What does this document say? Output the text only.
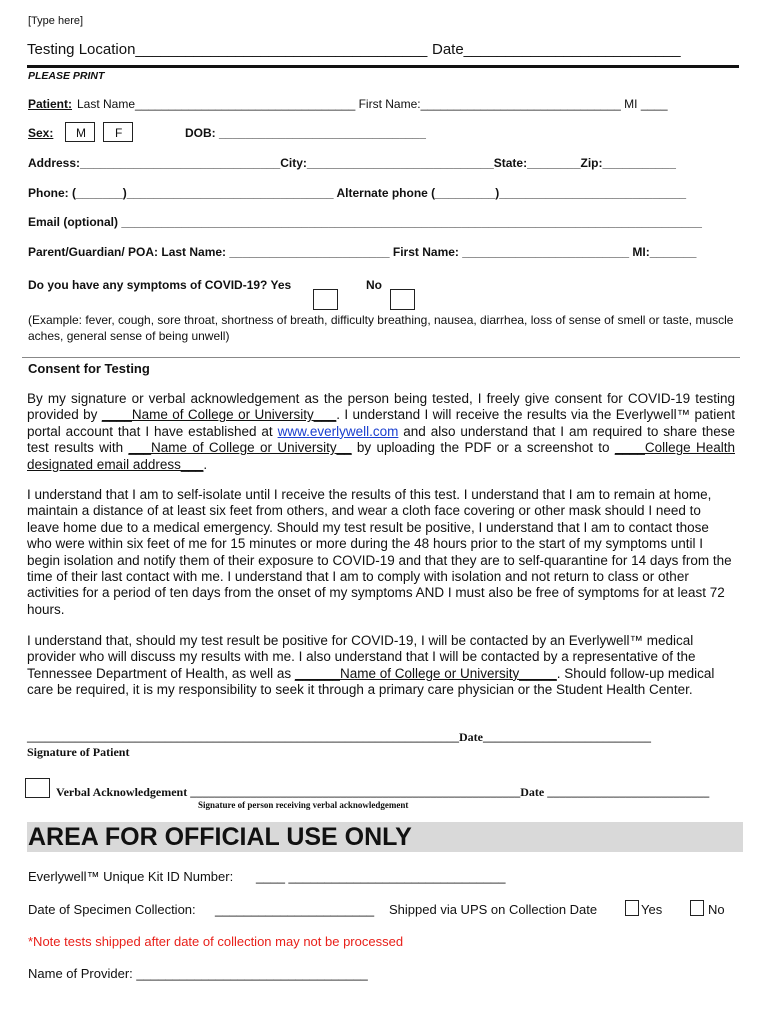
[Type here]
Testing Location___________________________________ Date__________________________
PLEASE PRINT
Patient: Last Name_________________________________ First Name:______________________________ MI ____
Sex: M F	DOB: _______________________________
Address:______________________________City:____________________________State:________Zip:___________
Phone: (_______)_______________________________ Alternate phone (_________)____________________________
Email (optional) _______________________________________________________________________________________
Parent/Guardian/ POA: Last Name: ________________________ First Name: _________________________ MI:_______
Do you have any symptoms of COVID-19? Yes	No
(Example: fever, cough, sore throat, shortness of breath, difficulty breathing, nausea, diarrhea, loss of sense of smell or taste, muscle aches, general sense of being unwell)
Consent for Testing
By my signature or verbal acknowledgement as the person being tested, I freely give consent for COVID-19 testing provided by ____Name of College or University___. I understand I will receive the results via the Everlywell™ patient portal account that I have established at www.everlywell.com and also understand that I am required to share these test results with ___Name of College or University__ by uploading the PDF or a screenshot to ____College Health designated email address___.
I understand that I am to self-isolate until I receive the results of this test. I understand that I am to remain at home, maintain a distance of at least six feet from others, and wear a cloth face covering or other mask should I need to leave home due to a medical emergency. Should my test result be positive, I understand that I am to contact those who were within six feet of me for 15 minutes or more during the 48 hours prior to the start of my symptoms until I begin isolation and notify them of their exposure to COVID-19 and that they are to self-quarantine for 14 days from the time of their last contact with me. I understand that I am to comply with isolation and not return to class or other activities for a period of ten days from the onset of my symptoms AND I must also be free of symptoms for at least 72 hours.
I understand that, should my test result be positive for COVID-19, I will be contacted by an Everlywell™ medical provider who will discuss my results with me. I also understand that I will be contacted by a representative of the Tennessee Department of Health, as well as ______Name of College or University_____. Should follow-up medical care be required, it is my responsibility to seek it through a primary care physician or the Student Health Center.
________________________________________________________________________Date____________________________
Signature of Patient
Verbal Acknowledgement _______________________________________________________Date ___________________________
Signature of person receiving verbal acknowledgement
AREA FOR OFFICIAL USE ONLY
Everlywell™ Unique Kit ID Number: ____ ______________________________
Date of Specimen Collection: ______________________ Shipped via UPS on Collection Date	Yes	No
*Note tests shipped after date of collection may not be processed
Name of Provider: ________________________________
